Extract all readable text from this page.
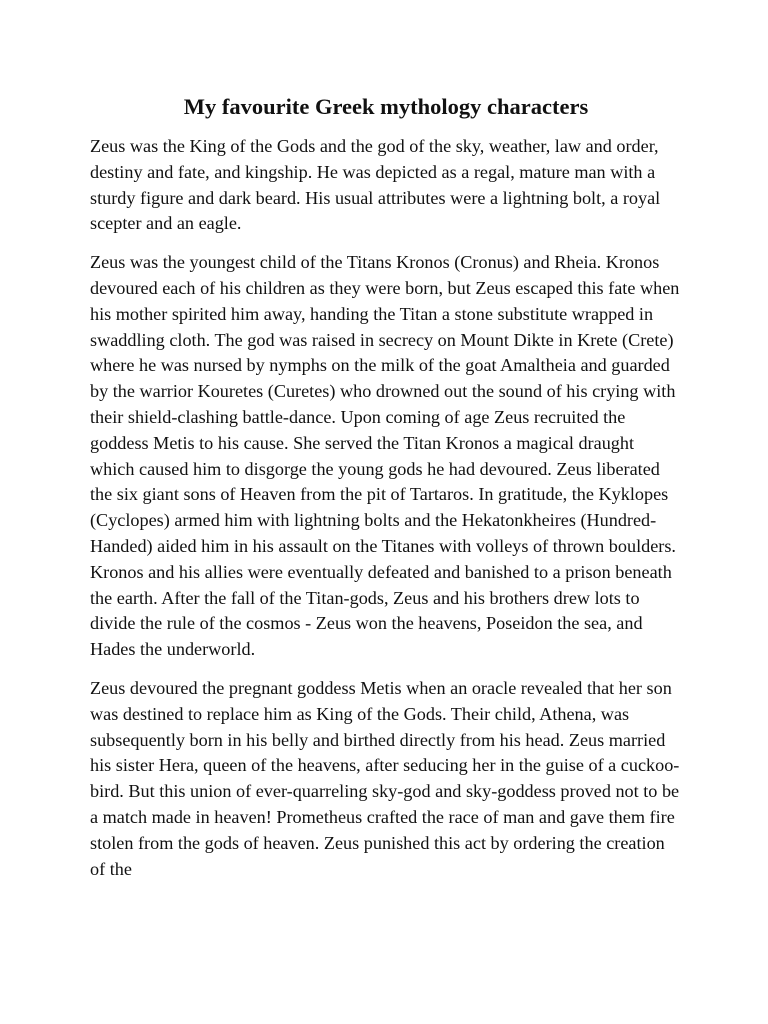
My favourite Greek mythology characters

Zeus was the King of the Gods and the god of the sky, weather, law and order, destiny and fate, and kingship. He was depicted as a regal, mature man with a sturdy figure and dark beard. His usual attributes were a lightning bolt, a royal scepter and an eagle.

Zeus was the youngest child of the Titans Kronos (Cronus) and Rheia. Kronos devoured each of his children as they were born, but Zeus escaped this fate when his mother spirited him away, handing the Titan a stone substitute wrapped in swaddling cloth. The god was raised in secrecy on Mount Dikte in Krete (Crete) where he was nursed by nymphs on the milk of the goat Amaltheia and guarded by the warrior Kouretes (Curetes) who drowned out the sound of his crying with their shield-clashing battle-dance. Upon coming of age Zeus recruited the goddess Metis to his cause. She served the Titan Kronos a magical draught which caused him to disgorge the young gods he had devoured. Zeus liberated the six giant sons of Heaven from the pit of Tartaros. In gratitude, the Kyklopes (Cyclopes) armed him with lightning bolts and the Hekatonkheires (Hundred-Handed) aided him in his assault on the Titanes with volleys of thrown boulders. Kronos and his allies were eventually defeated and banished to a prison beneath the earth. After the fall of the Titan-gods, Zeus and his brothers drew lots to divide the rule of the cosmos - Zeus won the heavens, Poseidon the sea, and Hades the underworld.

Zeus devoured the pregnant goddess Metis when an oracle revealed that her son was destined to replace him as King of the Gods. Their child, Athena, was subsequently born in his belly and birthed directly from his head. Zeus married his sister Hera, queen of the heavens, after seducing her in the guise of a cuckoo-bird. But this union of ever-quarreling sky-god and sky-goddess proved not to be a match made in heaven! Prometheus crafted the race of man and gave them fire stolen from the gods of heaven. Zeus punished this act by ordering the creation of the
